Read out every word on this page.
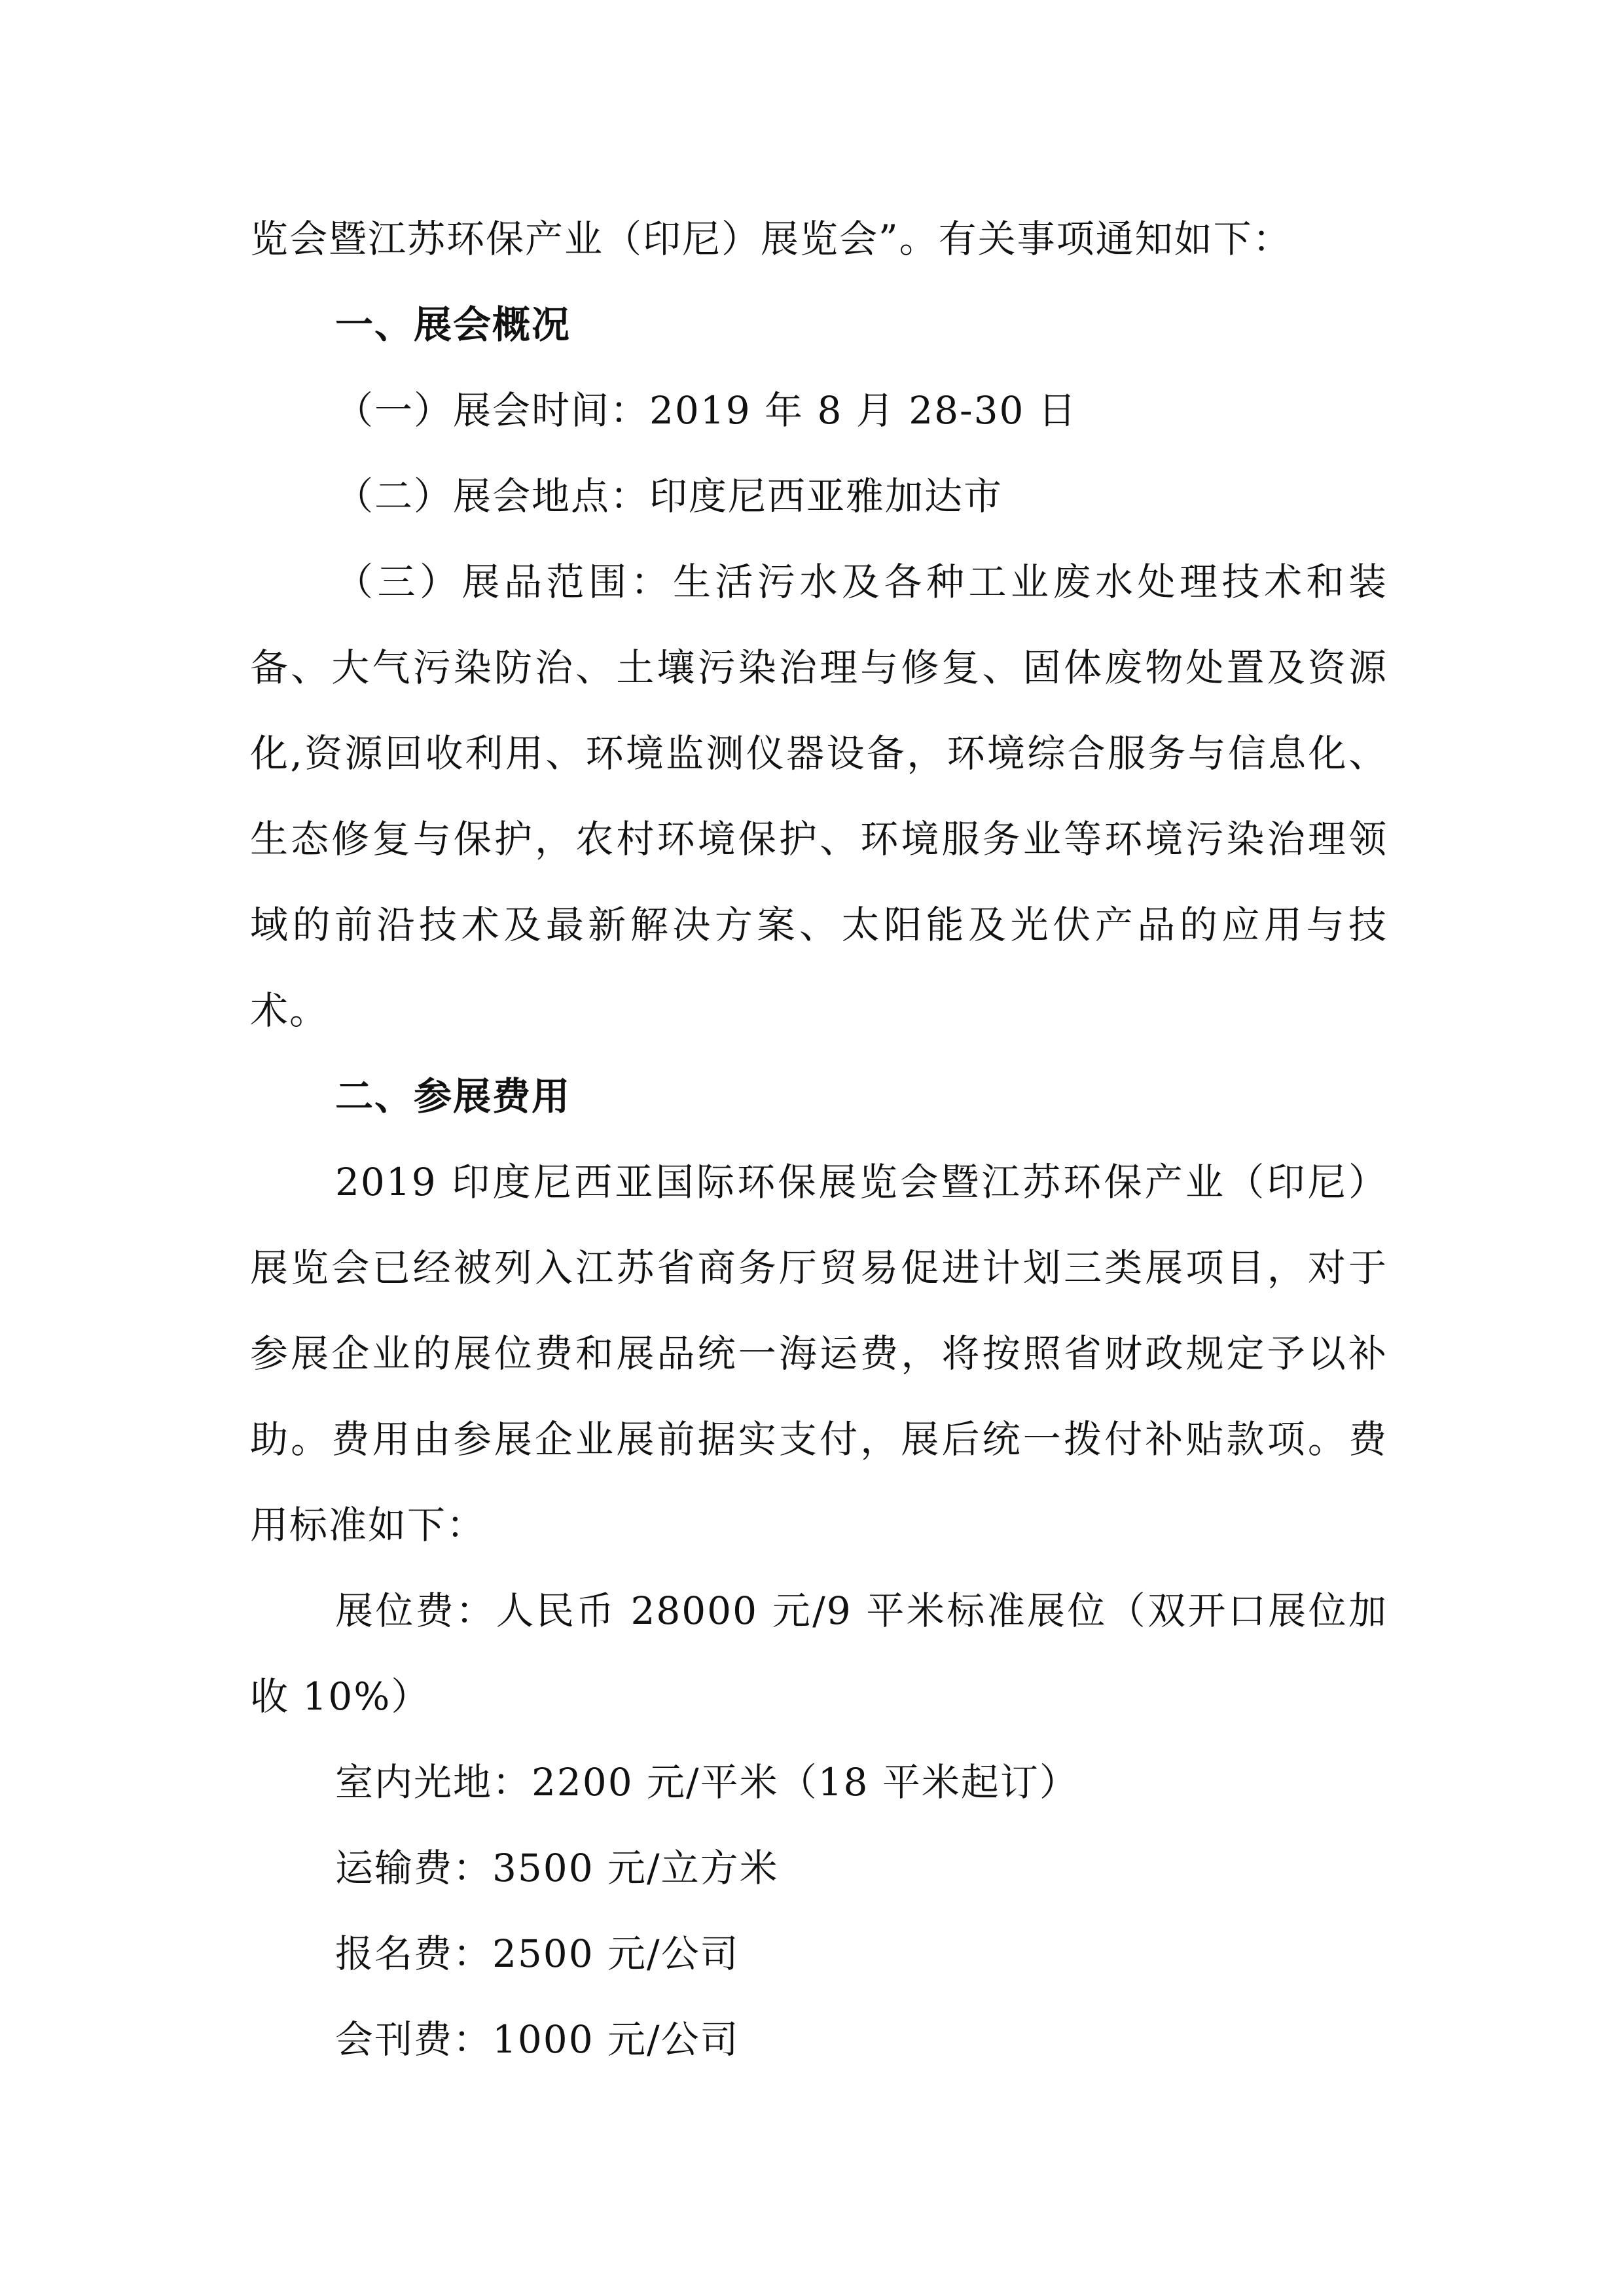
览会暨江苏环保产业（印尼）展览会”。有关事项通知如下：
一、展会概况
（一）展会时间：2019 年 8 月 28-30 日
（二）展会地点：印度尼西亚雅加达市
（三）展品范围：生活污水及各种工业废水处理技术和装备、大气污染防治、土壤污染治理与修复、固体废物处置及资源化,资源回收利用、环境监测仪器设备，环境综合服务与信息化、生态修复与保护，农村环境保护、环境服务业等环境污染治理领域的前沿技术及最新解决方案、太阳能及光伏产品的应用与技术。
二、参展费用
2019 印度尼西亚国际环保展览会暨江苏环保产业（印尼）展览会已经被列入江苏省商务厅贸易促进计划三类展项目，对于参展企业的展位费和展品统一海运费，将按照省财政规定予以补助。费用由参展企业展前据实支付，展后统一拨付补贴款项。费用标准如下：
展位费：人民币 28000 元/9 平米标准展位（双开口展位加收 10%）
室内光地：2200 元/平米（18 平米起订）
运输费：3500 元/立方米
报名费：2500 元/公司
会刊费：1000 元/公司
